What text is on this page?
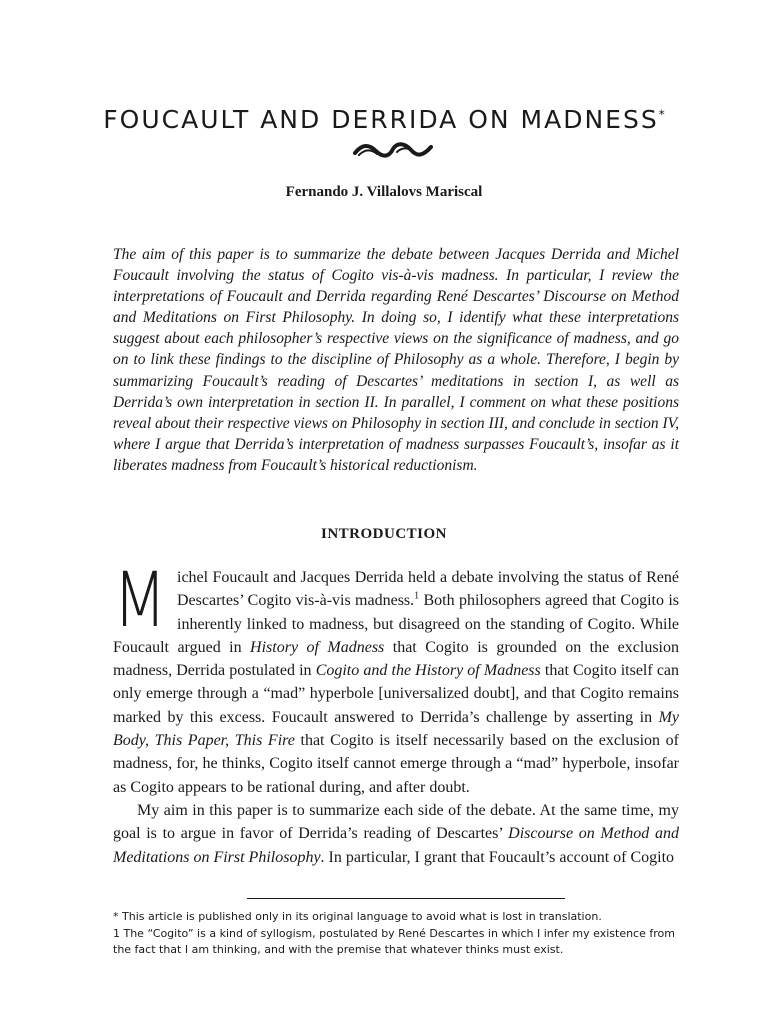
FOUCAULT AND DERRIDA ON MADNESS*
Fernando J. Villalovs Mariscal

The aim of this paper is to summarize the debate between Jacques Derrida and Michel Foucault involving the status of Cogito vis-à-vis madness. In particular, I review the interpretations of Foucault and Derrida regarding René Descartes’ Discourse on Method and Meditations on First Philosophy. In doing so, I identify what these interpretations suggest about each philosopher’s respective views on the significance of madness, and go on to link these findings to the discipline of Philosophy as a whole. Therefore, I begin by summarizing Foucault’s reading of Descartes’ meditations in section I, as well as Derrida’s own interpretation in section II. In parallel, I comment on what these positions reveal about their respective views on Philosophy in section III, and conclude in section IV, where I argue that Derrida’s interpretation of madness surpasses Foucault’s, insofar as it liberates madness from Foucault’s historical reductionism.

INTRODUCTION

Michel Foucault and Jacques Derrida held a debate involving the status of René Descartes’ Cogito vis-à-vis madness.$^1$ Both philosophers agreed that Cogito is inherently linked to madness, but disagreed on the standing of Cogito. While Foucault argued in History of Madness that Cogito is grounded on the exclusion madness, Derrida postulated in Cogito and the History of Madness that Cogito itself can only emerge through a “mad” hyperbole [universalized doubt], and that Cogito remains marked by this excess. Foucault answered to Derrida’s challenge by asserting in My Body, This Paper, This Fire that Cogito is itself necessarily based on the exclusion of madness, for, he thinks, Cogito itself cannot emerge through a “mad” hyperbole, insofar as Cogito appears to be rational during, and after doubt.

My aim in this paper is to summarize each side of the debate. At the same time, my goal is to argue in favor of Derrida’s reading of Descartes’ Discourse on Method and Meditations on First Philosophy. In particular, I grant that Foucault’s account of Cogito

* This article is published only in its original language to avoid what is lost in translation.

1 The “Cogito” is a kind of syllogism, postulated by René Descartes in which I infer my existence from the fact that I am thinking, and with the premise that whatever thinks must exist.
